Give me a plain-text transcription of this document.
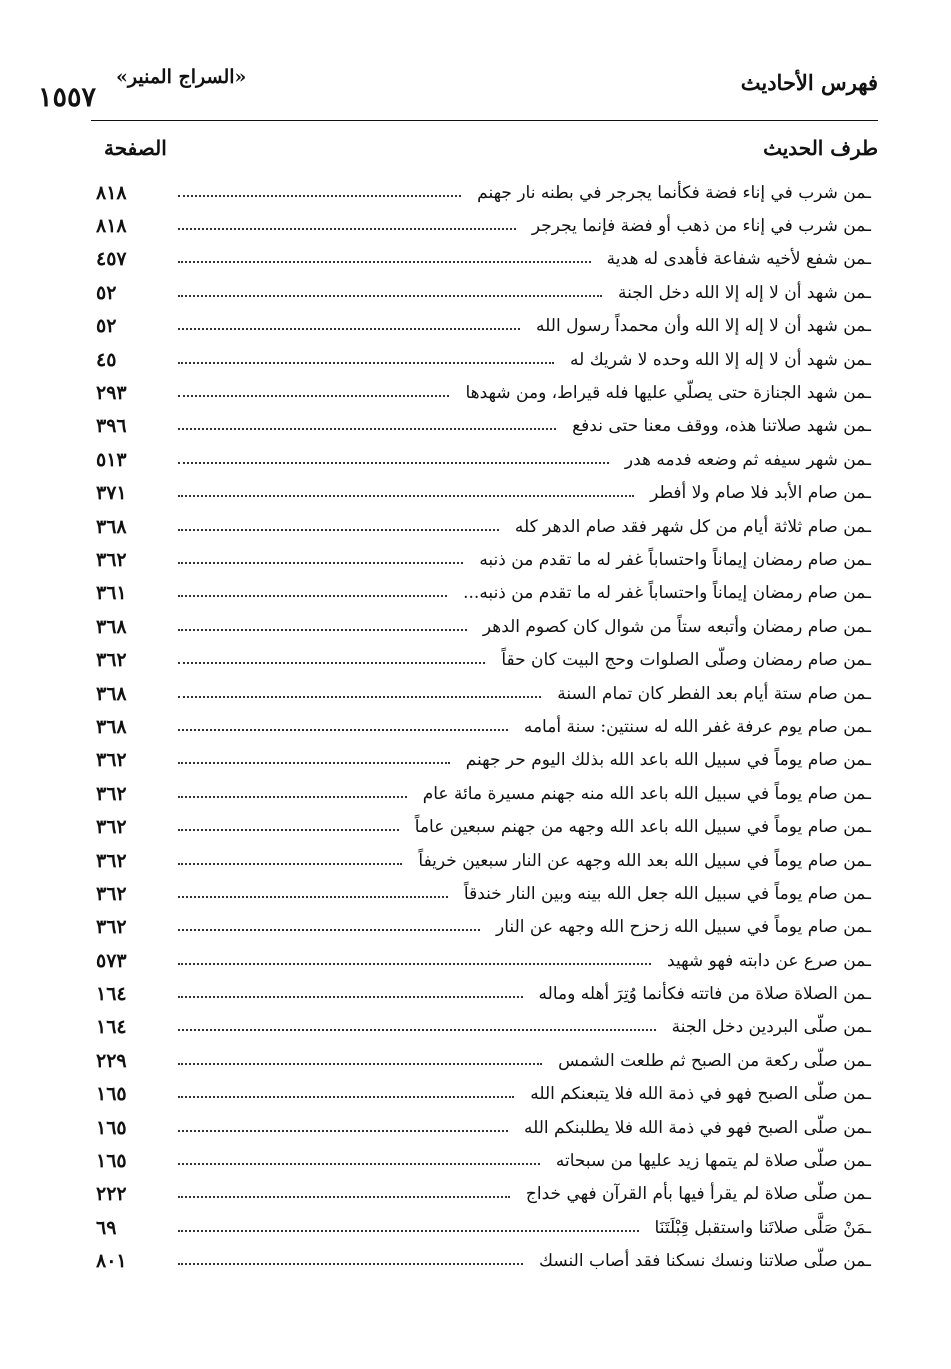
فهرس الأحاديث
«السراج المنير»
١٥٥٧
طرف الحديث
الصفحة
ـ من شرب في إناء فضة فكأنما يجرجر في بطنه نار جهنم
٨١٨
ـ من شرب في إناء من ذهب أو فضة فإنما يجرجر
٨١٨
ـ من شفع لأخيه شفاعة فأهدى له هدية
٤٥٧
ـ من شهد أن لا إله إلا الله دخل الجنة
٥٢
ـ من شهد أن لا إله إلا الله وأن محمداً رسول الله
٥٢
ـ من شهد أن لا إله إلا الله وحده لا شريك له
٤٥
ـ من شهد الجنازة حتى يصلّي عليها فله قيراط، ومن شهدها
٢٩٣
ـ من شهد صلاتنا هذه، ووقف معنا حتى ندفع
٣٩٦
ـ من شهر سيفه ثم وضعه فدمه هدر
٥١٣
ـ من صام الأبد فلا صام ولا أفطر
٣٧١
ـ من صام ثلاثة أيام من كل شهر فقد صام الدهر كله
٣٦٨
ـ من صام رمضان إيماناً واحتساباً غفر له ما تقدم من ذنبه
٣٦٢
ـ من صام رمضان إيماناً واحتساباً غفر له ما تقدم من ذنبه...
٣٦١
ـ من صام رمضان وأتبعه ستاً من شوال كان كصوم الدهر
٣٦٨
ـ من صام رمضان وصلّى الصلوات وحج البيت كان حقاً
٣٦٢
ـ من صام ستة أيام بعد الفطر كان تمام السنة
٣٦٨
ـ من صام يوم عرفة غفر الله له سنتين: سنة أمامه
٣٦٨
ـ من صام يوماً في سبيل الله باعد الله بذلك اليوم حر جهنم
٣٦٢
ـ من صام يوماً في سبيل الله باعد الله منه جهنم مسيرة مائة عام
٣٦٢
ـ من صام يوماً في سبيل الله باعد الله وجهه من جهنم سبعين عاماً
٣٦٢
ـ من صام يوماً في سبيل الله بعد الله وجهه عن النار سبعين خريفاً
٣٦٢
ـ من صام يوماً في سبيل الله جعل الله بينه وبين النار خندقاً
٣٦٢
ـ من صام يوماً في سبيل الله زحزح الله وجهه عن النار
٣٦٢
ـ من صرع عن دابته فهو شهيد
٥٧٣
ـ من الصلاة صلاة من فاتته فكأنما وُتِرَ أهله وماله
١٦٤
ـ من صلّى البردين دخل الجنة
١٦٤
ـ من صلّى ركعة من الصبح ثم طلعت الشمس
٢٢٩
ـ من صلّى الصبح فهو في ذمة الله فلا يتبعنكم الله
١٦٥
ـ من صلّى الصبح فهو في ذمة الله فلا يطلبنكم الله
١٦٥
ـ من صلّى صلاة لم يتمها زيد عليها من سبحاته
١٦٥
ـ من صلّى صلاة لم يقرأ فيها بأم القرآن فهي خداج
٢٢٢
ـ مَنْ صَلَّى صلاتَنا واستقبل قِبْلَتَنَا
٦٩
ـ من صلّى صلاتنا ونسك نسكنا فقد أصاب النسك
٨٠١
